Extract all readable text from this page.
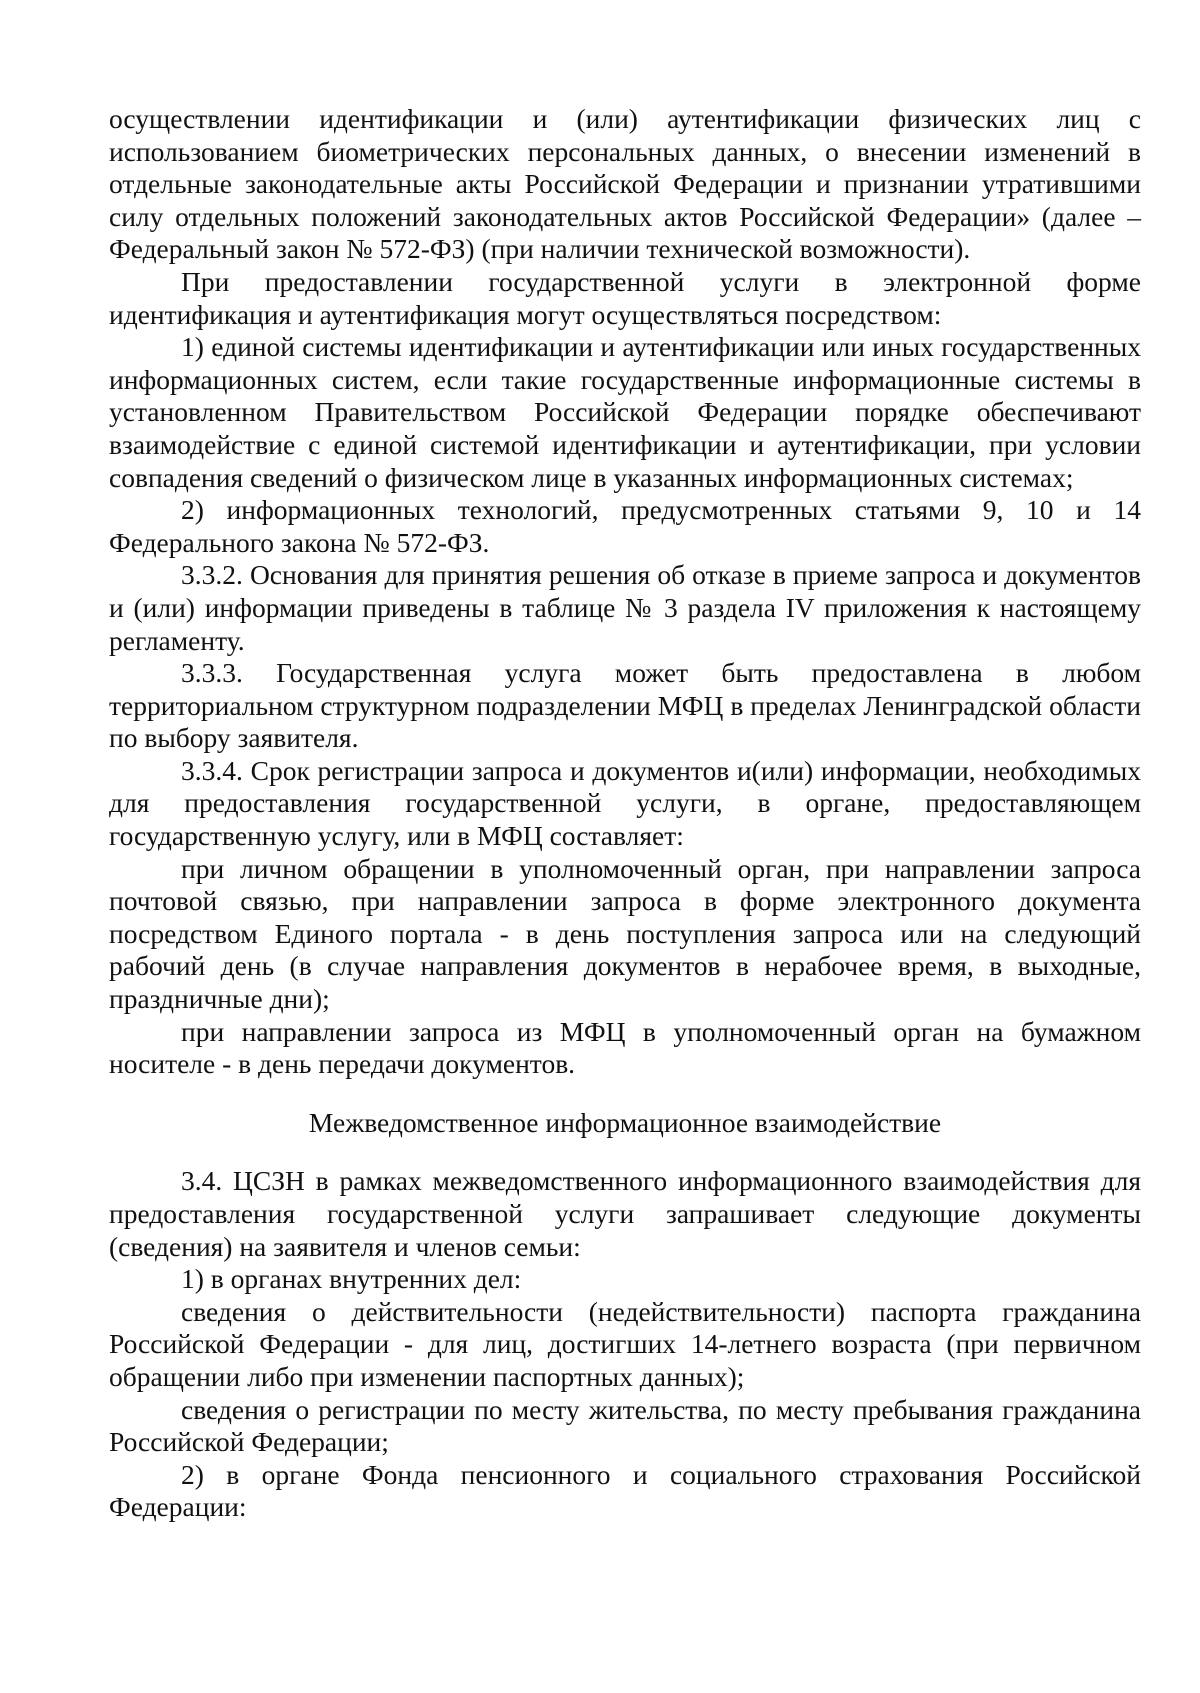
осуществлении идентификации и (или) аутентификации физических лиц с использованием биометрических персональных данных, о внесении изменений в отдельные законодательные акты Российской Федерации и признании утратившими силу отдельных положений законодательных актов Российской Федерации» (далее – Федеральный закон № 572-ФЗ) (при наличии технической возможности).

При предоставлении государственной услуги в электронной форме идентификация и аутентификация могут осуществляться посредством:

1) единой системы идентификации и аутентификации или иных государственных информационных систем, если такие государственные информационные системы в установленном Правительством Российской Федерации порядке обеспечивают взаимодействие с единой системой идентификации и аутентификации, при условии совпадения сведений о физическом лице в указанных информационных системах;

2) информационных технологий, предусмотренных статьями 9, 10 и 14 Федерального закона № 572-ФЗ.

3.3.2. Основания для принятия решения об отказе в приеме запроса и документов и (или) информации приведены в таблице № 3 раздела IV приложения к настоящему регламенту.

3.3.3. Государственная услуга может быть предоставлена в любом территориальном структурном подразделении МФЦ в пределах Ленинградской области по выбору заявителя.

3.3.4. Срок регистрации запроса и документов и(или) информации, необходимых для предоставления государственной услуги, в органе, предоставляющем государственную услугу, или в МФЦ составляет:

при личном обращении в уполномоченный орган, при направлении запроса почтовой связью, при направлении запроса в форме электронного документа посредством Единого портала - в день поступления запроса или на следующий рабочий день (в случае направления документов в нерабочее время, в выходные, праздничные дни);

при направлении запроса из МФЦ в уполномоченный орган на бумажном носителе - в день передачи документов.

Межведомственное информационное взаимодействие

3.4. ЦСЗН в рамках межведомственного информационного взаимодействия для предоставления государственной услуги запрашивает следующие документы (сведения) на заявителя и членов семьи:

1) в органах внутренних дел:

сведения о действительности (недействительности) паспорта гражданина Российской Федерации - для лиц, достигших 14-летнего возраста (при первичном обращении либо при изменении паспортных данных);

сведения о регистрации по месту жительства, по месту пребывания гражданина Российской Федерации;

2) в органе Фонда пенсионного и социального страхования Российской Федерации:
